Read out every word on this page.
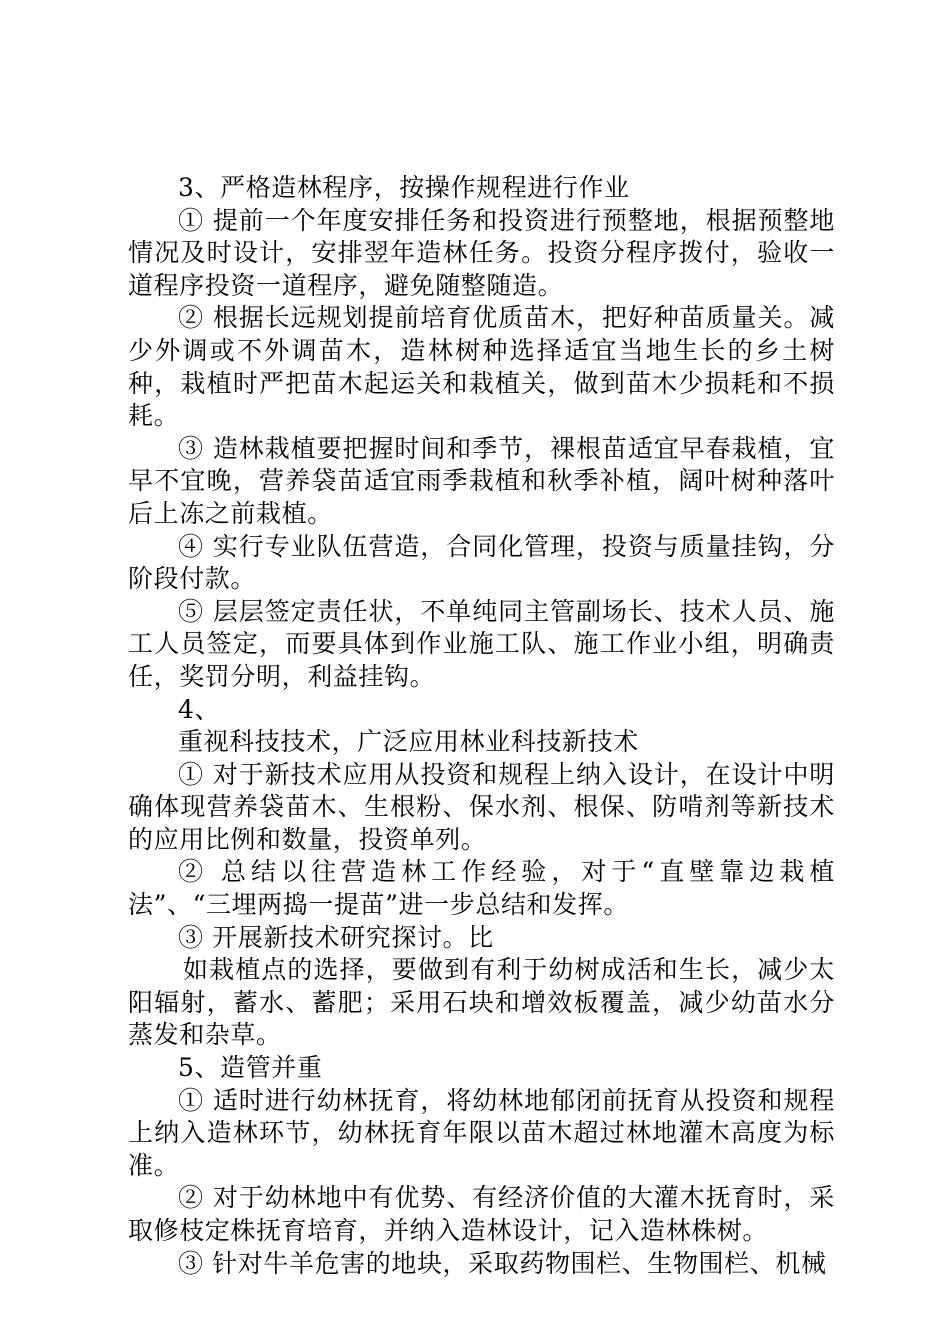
3、严格造林程序，按操作规程进行作业

① 提前一个年度安排任务和投资进行预整地，根据预整地情况及时设计，安排翌年造林任务。投资分程序拨付，验收一道程序投资一道程序，避免随整随造。

② 根据长远规划提前培育优质苗木，把好种苗质量关。减少外调或不外调苗木，造林树种选择适宜当地生长的乡土树种，栽植时严把苗木起运关和栽植关，做到苗木少损耗和不损耗。

③ 造林栽植要把握时间和季节，裸根苗适宜早春栽植，宜早不宜晚，营养袋苗适宜雨季栽植和秋季补植，阔叶树种落叶后上冻之前栽植。

④ 实行专业队伍营造，合同化管理，投资与质量挂钩，分阶段付款。

⑤ 层层签定责任状，不单纯同主管副场长、技术人员、施工人员签定，而要具体到作业施工队、施工作业小组，明确责任，奖罚分明，利益挂钩。

4、

重视科技技术，广泛应用林业科技新技术

① 对于新技术应用从投资和规程上纳入设计，在设计中明确体现营养袋苗木、生根粉、保水剂、根保、防啃剂等新技术的应用比例和数量，投资单列。

② 总结以往营造林工作经验，对于“直壁靠边栽植法”、“三埋两捣一提苗”进一步总结和发挥。

③ 开展新技术研究探讨。比

如栽植点的选择，要做到有利于幼树成活和生长，减少太阳辐射，蓄水、蓄肥；采用石块和增效板覆盖，减少幼苗水分蒸发和杂草。

5、造管并重

① 适时进行幼林抚育，将幼林地郁闭前抚育从投资和规程上纳入造林环节，幼林抚育年限以苗木超过林地灌木高度为标准。

② 对于幼林地中有优势、有经济价值的大灌木抚育时，采取修枝定株抚育培育，并纳入造林设计，记入造林株树。

③ 针对牛羊危害的地块，采取药物围栏、生物围栏、机械
